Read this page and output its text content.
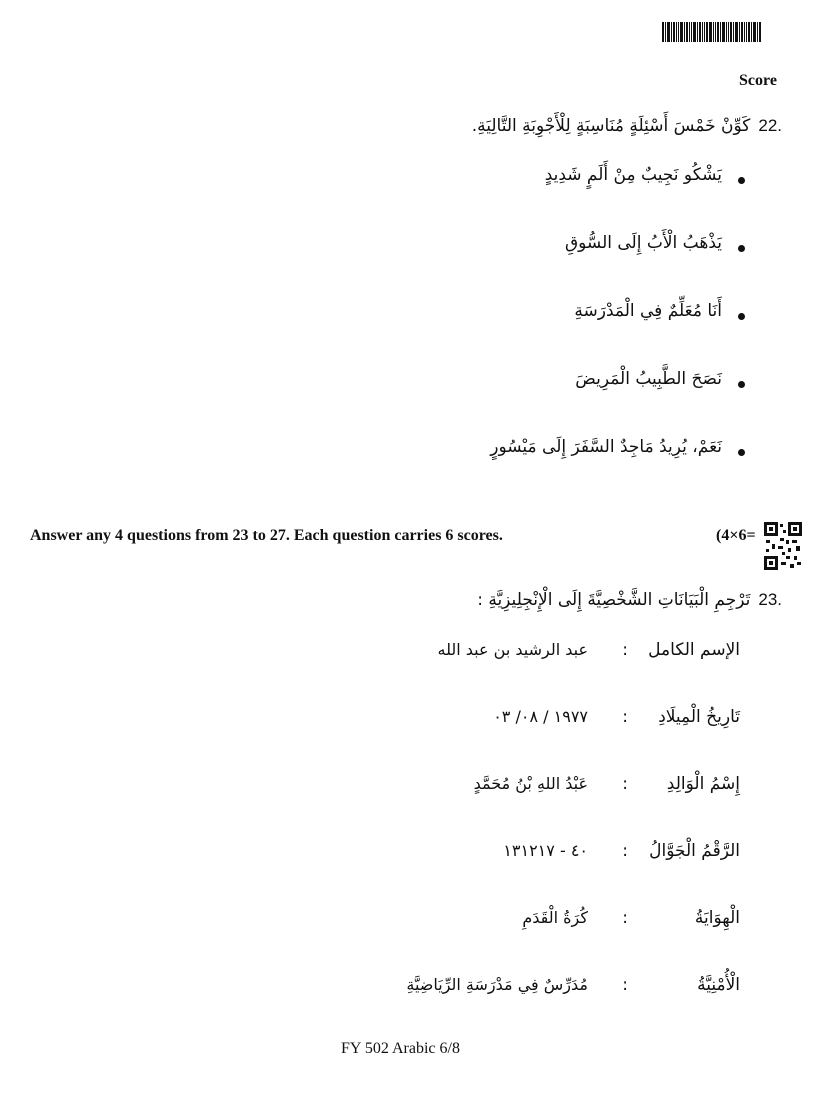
Score
22.
كَوِّنْ خَمْسَ أَسْئِلَةٍ مُنَاسِبَةٍ لِلْأَجْوِبَةِ التَّالِيَةِ.
يَشْكُو نَجِيبٌ مِنْ أَلَمٍ شَدِيدٍ
يَذْهَبُ الْأَبُ إِلَى السُّوقِ
أَنَا مُعَلِّمٌ فِي الْمَدْرَسَةِ
نَصَحَ الطَّبِيبُ الْمَرِيضَ
نَعَمْ، يُرِيدُ مَاجِدٌ السَّفَرَ إِلَى مَيْسُورٍ
Answer any 4 questions from 23 to 27. Each question carries 6 scores.	(4×6=
23.
تَرْجِمِ الْبَيَانَاتِ الشَّخْصِيَّةَ إِلَى الْإِنْجِلِيزِيَّةِ :
الإسم الكامل
:
عبد الرشيد بن عبد الله
تَارِيخُ الْمِيلَادِ
:
١٩٧٧ / ٠٨/ ٠٣
إِسْمُ الْوَالِدِ
:
عَبْدُ اللهِ بْنُ مُحَمَّدٍ
الرَّقْمُ الْجَوَّالُ
:
٤٠ - ١٣١٢١٧
الْهِوَايَةُ
:
كُرَةُ الْقَدَمِ
الْأُمْنِيَّةُ
:
مُدَرِّسٌ فِي مَدْرَسَةِ الرِّيَاضِيَّةِ
FY 502 Arabic 6/8
